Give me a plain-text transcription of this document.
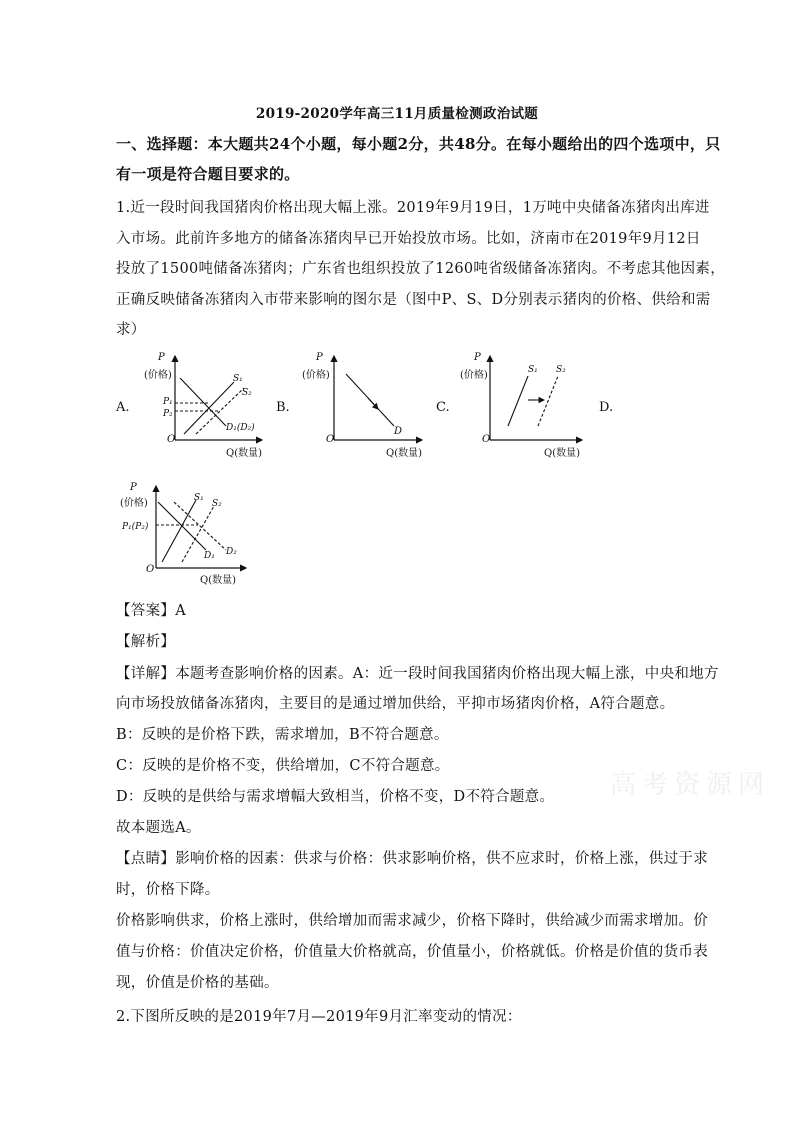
2019-2020学年高三11月质量检测政治试题
一、选择题：本大题共24个小题，每小题2分，共48分。在每小题给出的四个选项中，只
有一项是符合题目要求的。
1.近一段时间我国猪肉价格出现大幅上涨。2019年9月19日，1万吨中央储备冻猪肉出库进
入市场。此前许多地方的储备冻猪肉早已开始投放市场。比如，济南市在2019年9月12日
投放了1500吨储备冻猪肉；广东省也组织投放了1260吨省级储备冻猪肉。不考虑其他因素，
正确反映储备冻猪肉入市带来影响的图尔是（图中P、S、D分别表示猪肉的价格、供给和需
求）
A.	B.	C.	D.
P
(价格)
O
Q(数量)
P₁
P₂
S₁
S₂
D₁(D₂)
P
(价格)
O
Q(数量)
D
P
(价格)
O
Q(数量)
S₁ S₂
P
(价格)
O
Q(数量)
P₁(P₂)
S₁
S₂
D₁ D₂
【答案】A
【解析】
【详解】本题考查影响价格的因素。A：近一段时间我国猪肉价格出现大幅上涨，中央和地方
向市场投放储备冻猪肉，主要目的是通过增加供给，平抑市场猪肉价格，A符合题意。
B：反映的是价格下跌，需求增加，B不符合题意。
C：反映的是价格不变，供给增加，C不符合题意。
D：反映的是供给与需求增幅大致相当，价格不变，D不符合题意。
故本题选A。
【点睛】影响价格的因素：供求与价格：供求影响价格，供不应求时，价格上涨，供过于求
时，价格下降。
价格影响供求，价格上涨时，供给增加而需求减少，价格下降时，供给减少而需求增加。价
值与价格：价值决定价格，价值量大价格就高，价值量小，价格就低。价格是价值的货币表
现，价值是价格的基础。
2.下图所反映的是2019年7月—2019年9月汇率变动的情况：
高考资源网
